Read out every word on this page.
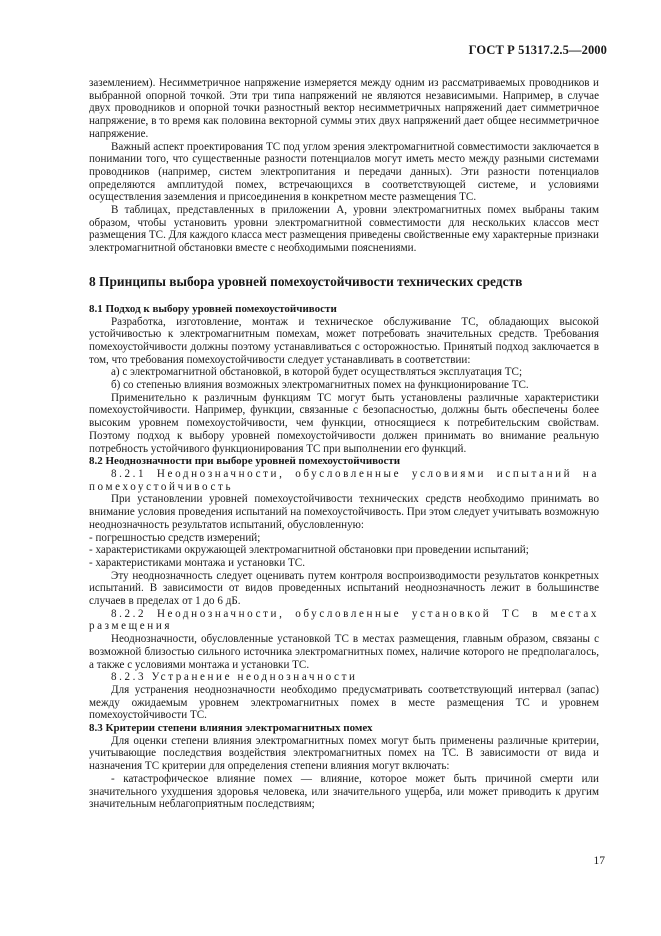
ГОСТ Р 51317.2.5—2000

заземлением). Несимметричное напряжение измеряется между одним из рассматриваемых проводников и выбранной опорной точкой. Эти три типа напряжений не являются независимыми. Например, в случае двух проводников и опорной точки разностный вектор несимметричных напряжений дает симметричное напряжение, в то время как половина векторной суммы этих двух напряжений дает общее несимметричное напряжение.

Важный аспект проектирования ТС под углом зрения электромагнитной совместимости заключается в понимании того, что существенные разности потенциалов могут иметь место между разными системами проводников (например, систем электропитания и передачи данных). Эти разности потенциалов определяются амплитудой помех, встречающихся в соответствующей системе, и условиями осуществления заземления и присоединения в конкретном месте размещения ТС.

В таблицах, представленных в приложении А, уровни электромагнитных помех выбраны таким образом, чтобы установить уровни электромагнитной совместимости для нескольких классов мест размещения ТС. Для каждого класса мест размещения приведены свойственные ему характерные признаки электромагнитной обстановки вместе с необходимыми пояснениями.

8 Принципы выбора уровней помехоустойчивости технических средств

8.1 Подход к выбору уровней помехоустойчивости

Разработка, изготовление, монтаж и техническое обслуживание ТС, обладающих высокой устойчивостью к электромагнитным помехам, может потребовать значительных средств. Требования помехоустойчивости должны поэтому устанавливаться с осторожностью. Принятый подход заключается в том, что требования помехоустойчивости следует устанавливать в соответствии:

а) с электромагнитной обстановкой, в которой будет осуществляться эксплуатация ТС;

б) со степенью влияния возможных электромагнитных помех на функционирование ТС.

Применительно к различным функциям ТС могут быть установлены различные характеристики помехоустойчивости. Например, функции, связанные с безопасностью, должны быть обеспечены более высоким уровнем помехоустойчивости, чем функции, относящиеся к потребительским свойствам. Поэтому подход к выбору уровней помехоустойчивости должен принимать во внимание реальную потребность устойчивого функционирования ТС при выполнении его функций.

8.2 Неоднозначности при выборе уровней помехоустойчивости

8.2.1 Неоднозначности, обусловленные условиями испытаний на помехоустойчивость

При установлении уровней помехоустойчивости технических средств необходимо принимать во внимание условия проведения испытаний на помехоустойчивость. При этом следует учитывать возможную неоднозначность результатов испытаний, обусловленную:

- погрешностью средств измерений;

- характеристиками окружающей электромагнитной обстановки при проведении испытаний;

- характеристиками монтажа и установки ТС.

Эту неоднозначность следует оценивать путем контроля воспроизводимости результатов конкретных испытаний. В зависимости от видов проведенных испытаний неоднозначность лежит в большинстве случаев в пределах от 1 до 6 дБ.

8.2.2 Неоднозначности, обусловленные установкой ТС в местах размещения

Неоднозначности, обусловленные установкой ТС в местах размещения, главным образом, связаны с возможной близостью сильного источника электромагнитных помех, наличие которого не предполагалось, а также с условиями монтажа и установки ТС.

8.2.3 Устранение неоднозначности

Для устранения неоднозначности необходимо предусматривать соответствующий интервал (запас) между ожидаемым уровнем электромагнитных помех в месте размещения ТС и уровнем помехоустойчивости ТС.

8.3 Критерии степени влияния электромагнитных помех

Для оценки степени влияния электромагнитных помех могут быть применены различные критерии, учитывающие последствия воздействия электромагнитных помех на ТС. В зависимости от вида и назначения ТС критерии для определения степени влияния могут включать:

- катастрофическое влияние помех — влияние, которое может быть причиной смерти или значительного ухудшения здоровья человека, или значительного ущерба, или может приводить к другим значительным неблагоприятным последствиям;

17
